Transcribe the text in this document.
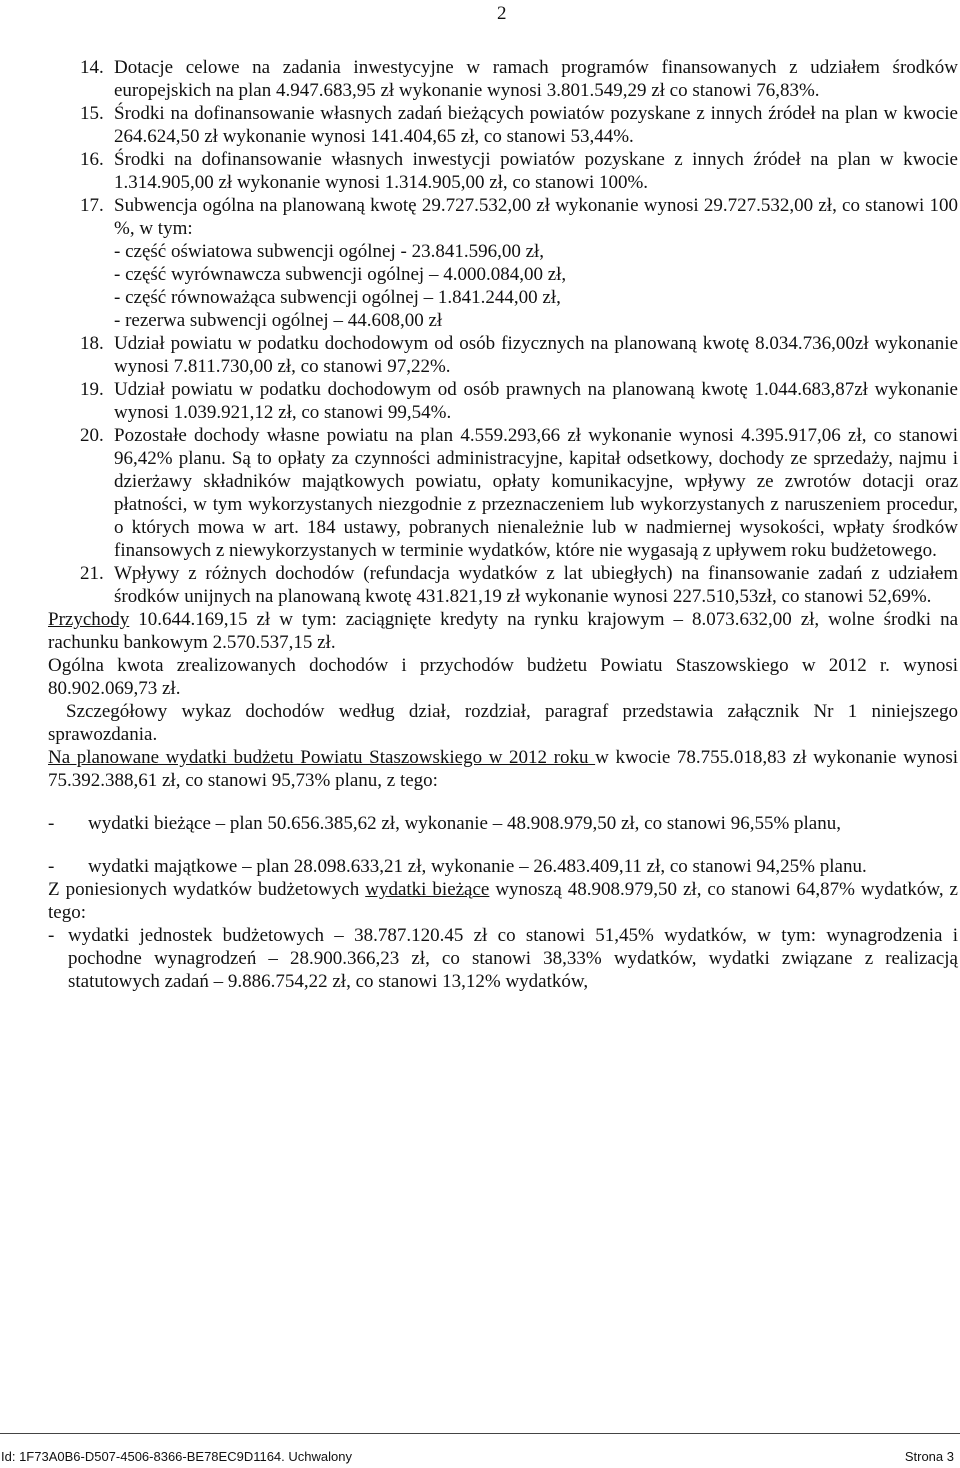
2
14. Dotacje celowe na zadania inwestycyjne w ramach programów finansowanych z udziałem środków europejskich na plan 4.947.683,95 zł wykonanie wynosi 3.801.549,29 zł co stanowi 76,83%.
15. Środki na dofinansowanie własnych zadań bieżących powiatów pozyskane z innych źródeł na plan w kwocie 264.624,50 zł wykonanie wynosi 141.404,65 zł, co stanowi 53,44%.
16. Środki na dofinansowanie własnych inwestycji powiatów pozyskane z innych źródeł na plan w kwocie 1.314.905,00 zł wykonanie wynosi 1.314.905,00 zł, co stanowi 100%.
17. Subwencja ogólna na planowaną kwotę 29.727.532,00 zł wykonanie wynosi 29.727.532,00 zł, co stanowi 100 %, w tym:
- część oświatowa subwencji ogólnej - 23.841.596,00 zł,
- część wyrównawcza subwencji ogólnej – 4.000.084,00 zł,
- część równoważąca subwencji ogólnej – 1.841.244,00 zł,
- rezerwa subwencji ogólnej – 44.608,00 zł
18. Udział powiatu w podatku dochodowym od osób fizycznych na planowaną kwotę 8.034.736,00zł wykonanie wynosi 7.811.730,00 zł, co stanowi 97,22%.
19. Udział powiatu w podatku dochodowym od osób prawnych na planowaną kwotę 1.044.683,87zł wykonanie wynosi 1.039.921,12 zł, co stanowi 99,54%.
20. Pozostałe dochody własne powiatu na plan 4.559.293,66 zł wykonanie wynosi 4.395.917,06 zł, co stanowi 96,42% planu. Są to opłaty za czynności administracyjne, kapitał odsetkowy, dochody ze sprzedaży, najmu i dzierżawy składników majątkowych powiatu, opłaty komunikacyjne, wpływy ze zwrotów dotacji oraz płatności, w tym wykorzystanych niezgodnie z przeznaczeniem lub wykorzystanych z naruszeniem procedur, o których mowa w art. 184 ustawy, pobranych nienależnie lub w nadmiernej wysokości, wpłaty środków finansowych z niewykorzystanych w terminie wydatków, które nie wygasają z upływem roku budżetowego.
21. Wpływy z różnych dochodów (refundacja wydatków z lat ubiegłych) na finansowanie zadań z udziałem środków unijnych na planowaną kwotę 431.821,19 zł wykonanie wynosi 227.510,53zł, co stanowi 52,69%.

Przychody 10.644.169,15 zł w tym: zaciągnięte kredyty na rynku krajowym – 8.073.632,00 zł, wolne środki na rachunku bankowym 2.570.537,15 zł.

Ogólna kwota zrealizowanych dochodów i przychodów budżetu Powiatu Staszowskiego w 2012 r. wynosi 80.902.069,73 zł.

Szczegółowy wykaz dochodów według dział, rozdział, paragraf przedstawia załącznik Nr 1 niniejszego sprawozdania.

Na planowane wydatki budżetu Powiatu Staszowskiego w 2012 roku w kwocie 78.755.018,83 zł wykonanie wynosi 75.392.388,61 zł, co stanowi 95,73% planu, z tego:

- wydatki bieżące – plan 50.656.385,62 zł, wykonanie – 48.908.979,50 zł, co stanowi 96,55% planu,
- wydatki majątkowe – plan 28.098.633,21 zł, wykonanie – 26.483.409,11 zł, co stanowi 94,25% planu.

Z poniesionych wydatków budżetowych wydatki bieżące wynoszą 48.908.979,50 zł, co stanowi 64,87% wydatków, z tego:

- wydatki jednostek budżetowych – 38.787.120.45 zł co stanowi 51,45% wydatków, w tym: wynagrodzenia i pochodne wynagrodzeń – 28.900.366,23 zł, co stanowi 38,33% wydatków, wydatki związane z realizacją statutowych zadań – 9.886.754,22 zł, co stanowi 13,12% wydatków,
Id: 1F73A0B6-D507-4506-8366-BE78EC9D1164. Uchwalony	Strona 3
